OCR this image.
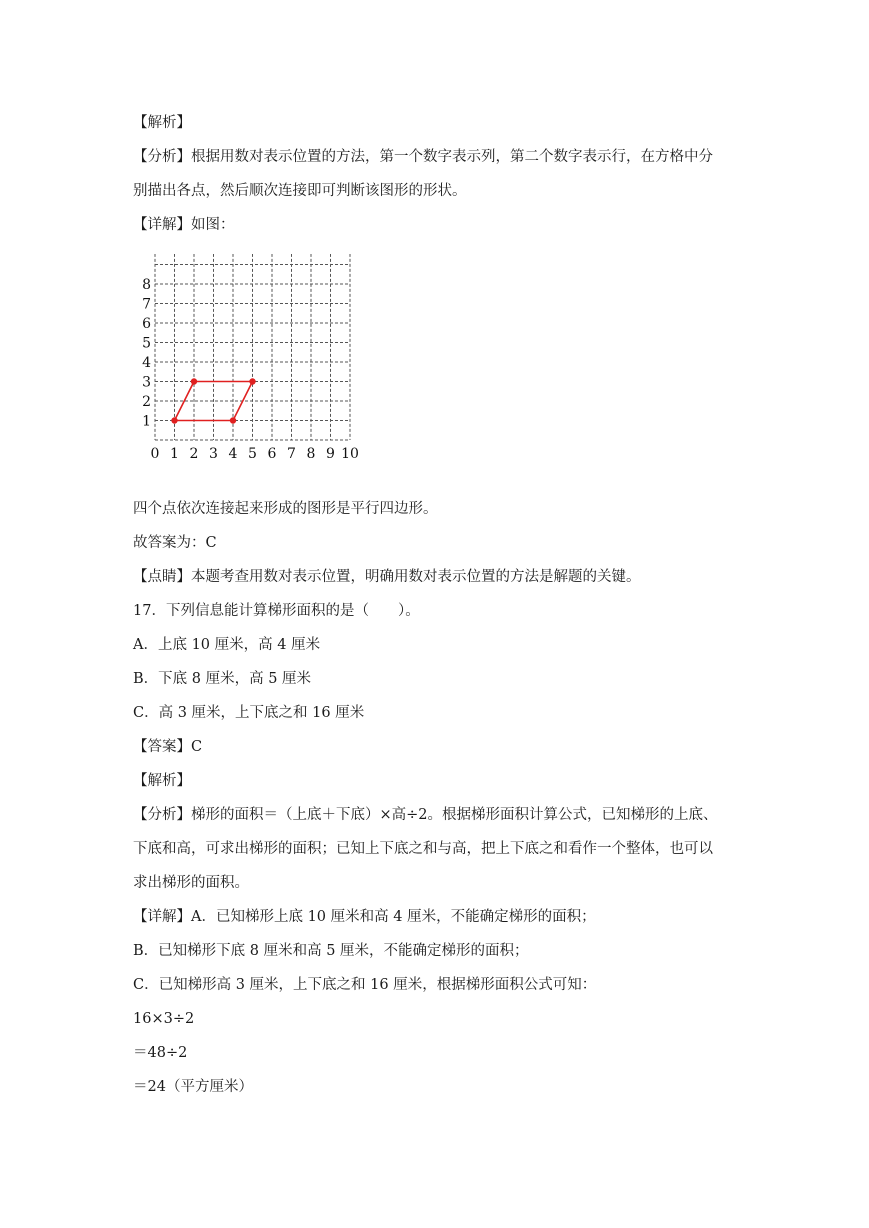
【解析】
【分析】根据用数对表示位置的方法，第一个数字表示列，第二个数字表示行，在方格中分
别描出各点，然后顺次连接即可判断该图形的形状。
【详解】如图：
0 1 2 3 4 5 6 7 8 9 10
1
2
3
4
5
6
7
8
四个点依次连接起来形成的图形是平行四边形。
故答案为：C
【点睛】本题考查用数对表示位置，明确用数对表示位置的方法是解题的关键。
17．下列信息能计算梯形面积的是（　　）。
A．上底 10 厘米，高 4 厘米
B．下底 8 厘米，高 5 厘米
C．高 3 厘米，上下底之和 16 厘米
【答案】C
【解析】
【分析】梯形的面积＝（上底＋下底）×高÷2。根据梯形面积计算公式，已知梯形的上底、
下底和高，可求出梯形的面积；已知上下底之和与高，把上下底之和看作一个整体，也可以
求出梯形的面积。
【详解】A．已知梯形上底 10 厘米和高 4 厘米，不能确定梯形的面积；
B．已知梯形下底 8 厘米和高 5 厘米，不能确定梯形的面积；
C．已知梯形高 3 厘米，上下底之和 16 厘米，根据梯形面积公式可知：
16×3÷2
＝48÷2
＝24（平方厘米）
